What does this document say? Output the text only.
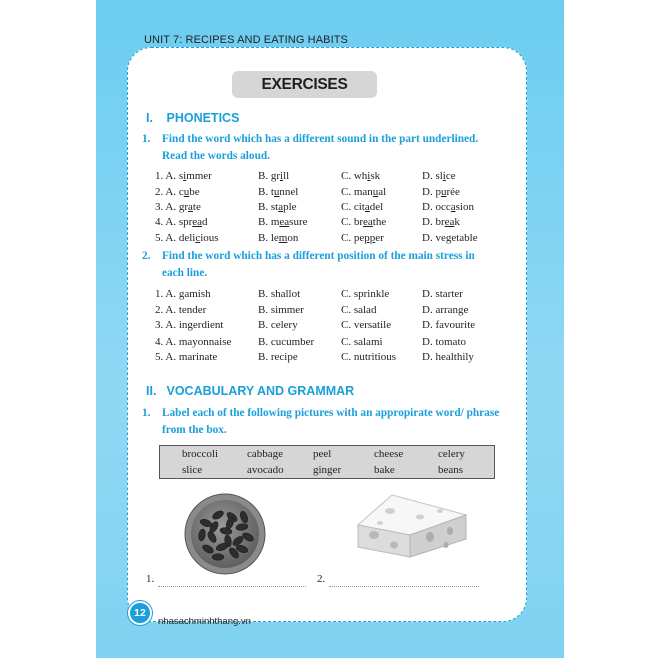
UNIT 7: RECIPES AND EATING HABITS
EXERCISES
I. PHONETICS
1.	Find the word which has a different sound in the part underlined.
Read the words aloud.
1. A. simmer	B. grill	C. whisk	D. slice
2. A. cube	B. tunnel	C. manual	D. purée
3. A. grate	B. staple	C. citadel	D. occasion
4. A. spread	B. measure	C. breathe	D. break
5. A. delicious	B. lemon	C. pepper	D. vegetable
2.	Find the word which has a different position of the main stress in
each line.
1. A. gamish	B. shallot	C. sprinkle	D. starter
2. A. tender	B. simmer	C. salad	D. arrange
3. A. ingerdient	B. celery	C. versatile	D. favourite
4. A. mayonnaise B. cucumber C. salami	D. tomato
5. A. marinate	B. recipe	C. nutritious D. healthily
II. VOCABULARY AND GRAMMAR
1.	Label each of the following pictures with an appropirate word/ phrase
from the box.
broccoli	cabbage	peel	cheese	celery
slice	avocado	ginger	bake	beans
1.	2.
12
nhasachminhthang.vn
